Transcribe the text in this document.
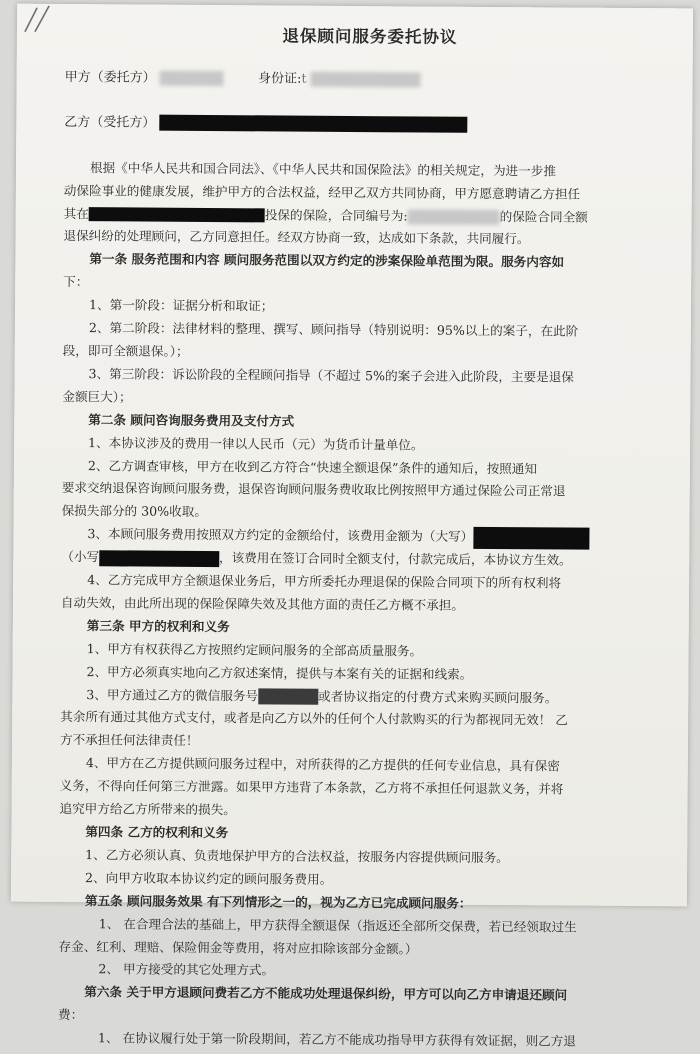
退保顾问服务委托协议
甲方（委托方）	身份证:t
乙方（受托方）

根据《中华人民共和国合同法》、《中华人民共和国保险法》的相关规定，为进一步推

动保险事业的健康发展，维护甲方的合法权益，经甲乙双方共同协商，甲方愿意聘请乙方担任

其在	投保的保险，合同编号为:	的保险合同全额

退保纠纷的处理顾问，乙方同意担任。经双方协商一致，达成如下条款，共同履行。

第一条 服务范围和内容 顾问服务范围以双方约定的涉案保险单范围为限。服务内容如

下：

1、第一阶段：证据分析和取证；

2、第二阶段：法律材料的整理、撰写、顾问指导（特别说明：95%以上的案子，在此阶

段，即可全额退保。）；

3、第三阶段：诉讼阶段的全程顾问指导（不超过 5%的案子会进入此阶段，主要是退保

金额巨大）；

第二条 顾问咨询服务费用及支付方式

1、本协议涉及的费用一律以人民币（元）为货币计量单位。

2、乙方调查审核，甲方在收到乙方符合“快速全额退保”条件的通知后，按照通知

要求交纳退保咨询顾问服务费，退保咨询顾问服务费收取比例按照甲方通过保险公司正常退

保损失部分的 30%收取。

3、本顾问服务费用按照双方约定的金额给付，该费用金额为（大写）

（小写	，该费用在签订合同时全额支付，付款完成后，本协议方生效。

4、乙方完成甲方全额退保业务后，甲方所委托办理退保的保险合同项下的所有权利将

自动失效，由此所出现的保险保障失效及其他方面的责任乙方概不承担。

第三条 甲方的权利和义务

1、甲方有权获得乙方按照约定顾问服务的全部高质量服务。

2、甲方必须真实地向乙方叙述案情，提供与本案有关的证据和线索。

3、甲方通过乙方的微信服务号	或者协议指定的付费方式来购买顾问服务。

其余所有通过其他方式支付，或者是向乙方以外的任何个人付款购买的行为都视同无效！ 乙

方不承担任何法律责任！

4、甲方在乙方提供顾问服务过程中，对所获得的乙方提供的任何专业信息，具有保密

义务，不得向任何第三方泄露。如果甲方违背了本条款，乙方将不承担任何退款义务，并将

追究甲方给乙方所带来的损失。

第四条 乙方的权利和义务

1、乙方必须认真、负责地保护甲方的合法权益，按服务内容提供顾问服务。

2、向甲方收取本协议约定的顾问服务费用。

第五条 顾问服务效果 有下列情形之一的，视为乙方已完成顾问服务：

1、 在合理合法的基础上，甲方获得全额退保（指返还全部所交保费，若已经领取过生

存金、红利、理赔、保险佣金等费用，将对应扣除该部分金额。）

2、 甲方接受的其它处理方式。

第六条 关于甲方退顾问费若乙方不能成功处理退保纠纷，甲方可以向乙方申请退还顾问

费：

1、 在协议履行处于第一阶段期间，若乙方不能成功指导甲方获得有效证据，则乙方退
